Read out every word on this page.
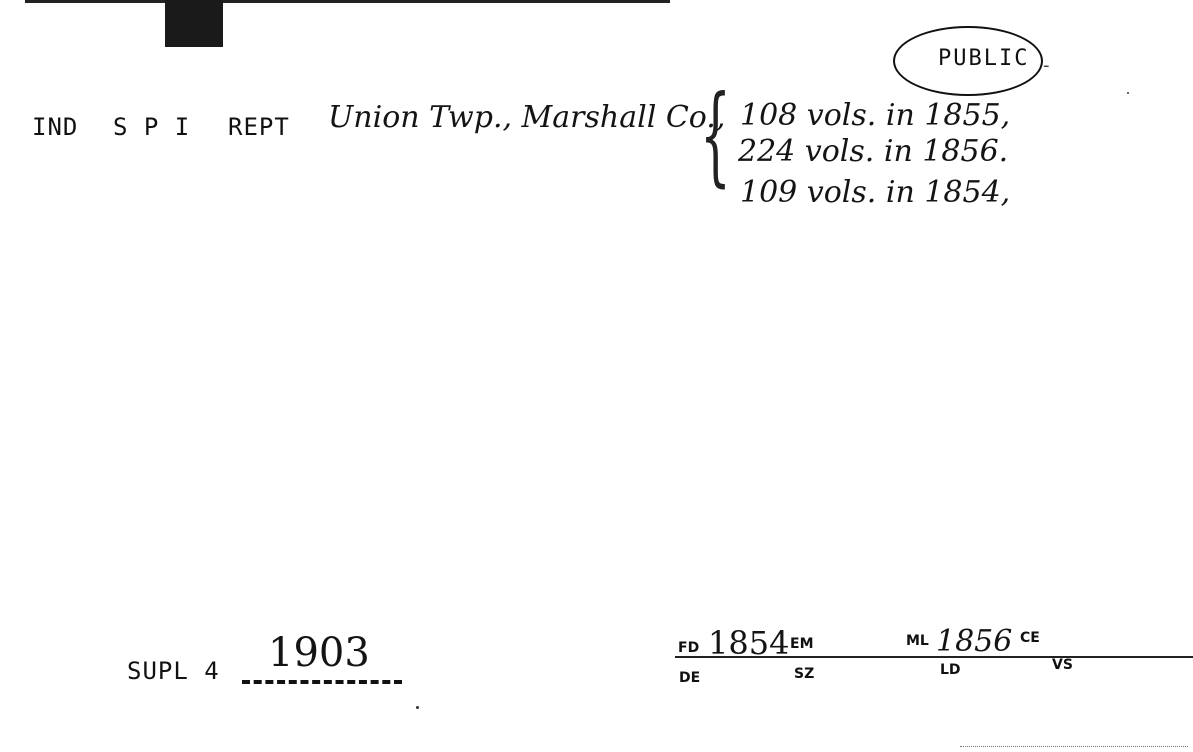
PUBLIC -
IND S P I REPT Union Twp., Marshall Co.,
{ 108 vols. in 1855,
224 vols. in 1856.
109 vols. in 1854,
SUPL 4 1903	FD 1854 EM	ML 1856 CE
DE	SZ	LD	VS
